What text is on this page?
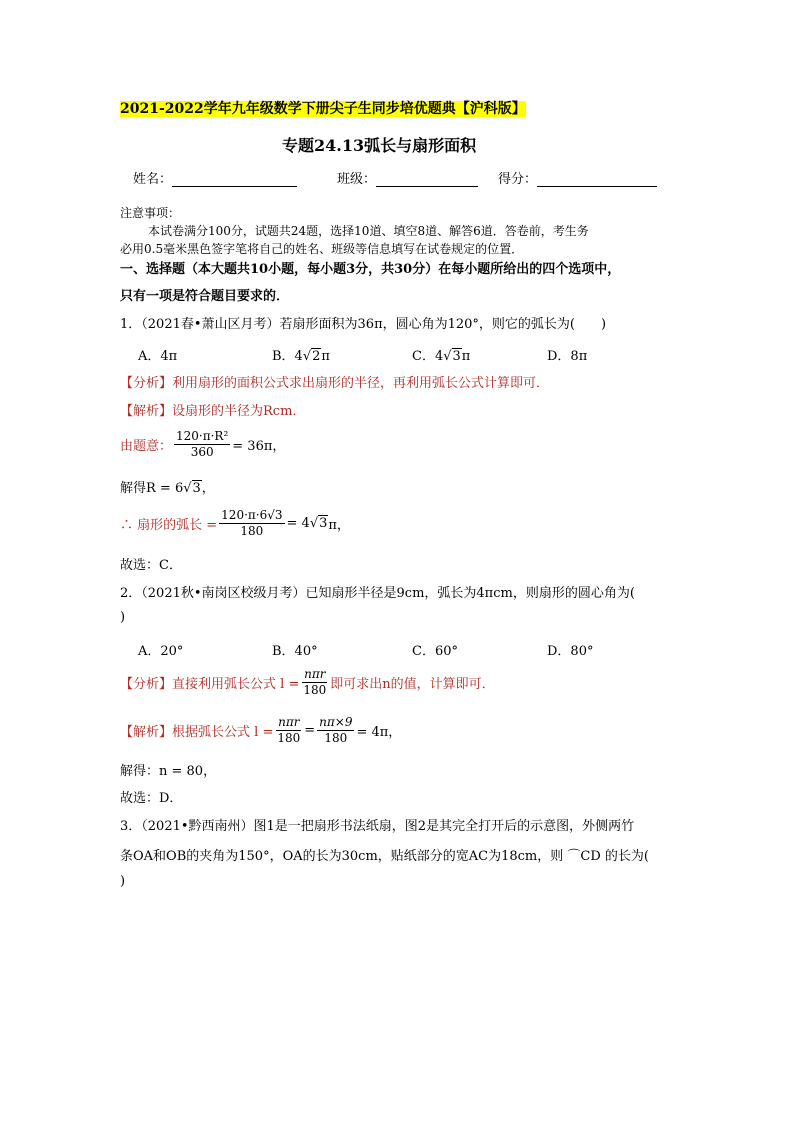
2021-2022学年九年级数学下册尖子生同步培优题典【沪科版】
专题24.13弧长与扇形面积
姓名：	班级：	得分：
注意事项：
本试卷满分100分，试题共24题，选择10道、填空8道、解答6道．答卷前，考生务
必用0.5毫米黑色签字笔将自己的姓名、班级等信息填写在试卷规定的位置．
一、选择题（本大题共10小题，每小题3分，共30分）在每小题所给出的四个选项中，
只有一项是符合题目要求的．
1．（2021春•萧山区月考）若扇形面积为36π，圆心角为120°，则它的弧长为(　　)
A．4π	B．4√2π	C．4√3π	D．8π
【分析】利用扇形的面积公式求出扇形的半径，再利用弧长公式计算即可．
【解析】设扇形的半径为Rcm．
由题意： $\frac{\text{120·π·R²}}{360} = 36\pi$，
解得R = 6√3，
∴ 扇形的弧长 = $\frac{120\cdot\pi\cdot 6√3}{180} = 4$ √ 3 π，
故选：C．
2．（2021秋•南岗区校级月考）已知扇形半径是9cm，弧长为4πcm，则扇形的圆心角为(
)
A．20°	B．40°	C．60°	D．80°
【分析】 直接利用弧长公式 $l = \frac{\text{nπr}}{180}$ 即可求出n的值，计算即可．
【解析】 根据弧长公式 $l = \frac{\text{nπr}}{180} = \frac{n\pi\times 9}{180} = 4\pi$，
解得：n = 80，
故选：D．
3．（2021•黔西南州）图1是一把扇形书法纸扇，图2是其完全打开后的示意图，外侧两竹
条OA和OB的夹角为150°，OA的长为30cm，贴纸部分的宽AC为18cm，则 ⌒CD 的长为(
)
